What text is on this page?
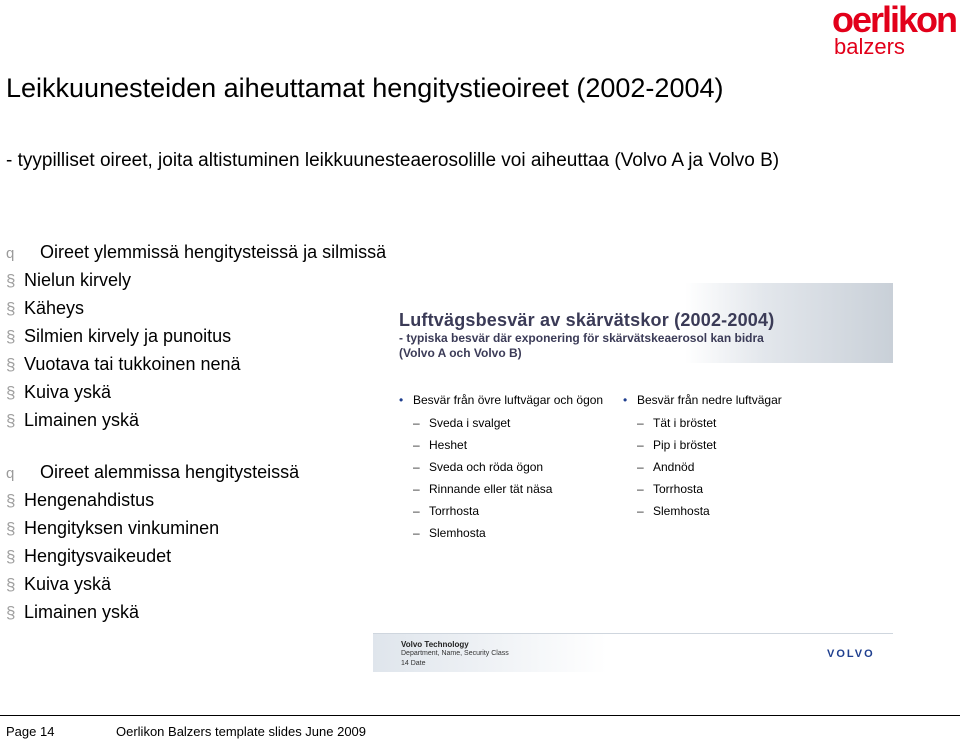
oerlikon
balzers
Leikkuunesteiden aiheuttamat hengitystieoireet (2002-2004)
- tyypilliset oireet, joita altistuminen leikkuunesteaerosolille voi aiheuttaa (Volvo A ja Volvo B)
q Oireet ylemmissä hengitysteissä ja silmissä
§ Nielun kirvely
§ Käheys
§ Silmien kirvely ja punoitus
§ Vuotava tai tukkoinen nenä
§ Kuiva yskä
§ Limainen yskä
q Oireet alemmissa hengitysteissä
§ Hengenahdistus
§ Hengityksen vinkuminen
§ Hengitysvaikeudet
§ Kuiva yskä
§ Limainen yskä
Luftvägsbesvär av skärvätskor (2002-2004)
- typiska besvär där exponering för skärvätskeaerosol kan bidra
(Volvo A och Volvo B)
• Besvär från övre luftvägar och ögon
– Sveda i svalget
– Heshet
– Sveda och röda ögon
– Rinnande eller tät näsa
– Torrhosta
– Slemhosta
• Besvär från nedre luftvägar
– Tät i bröstet
– Pip i bröstet
– Andnöd
– Torrhosta
– Slemhosta
Volvo Technology
Department, Name, Security Class
14 Date
VOLVO
Page 14	Oerlikon Balzers template slides June 2009
